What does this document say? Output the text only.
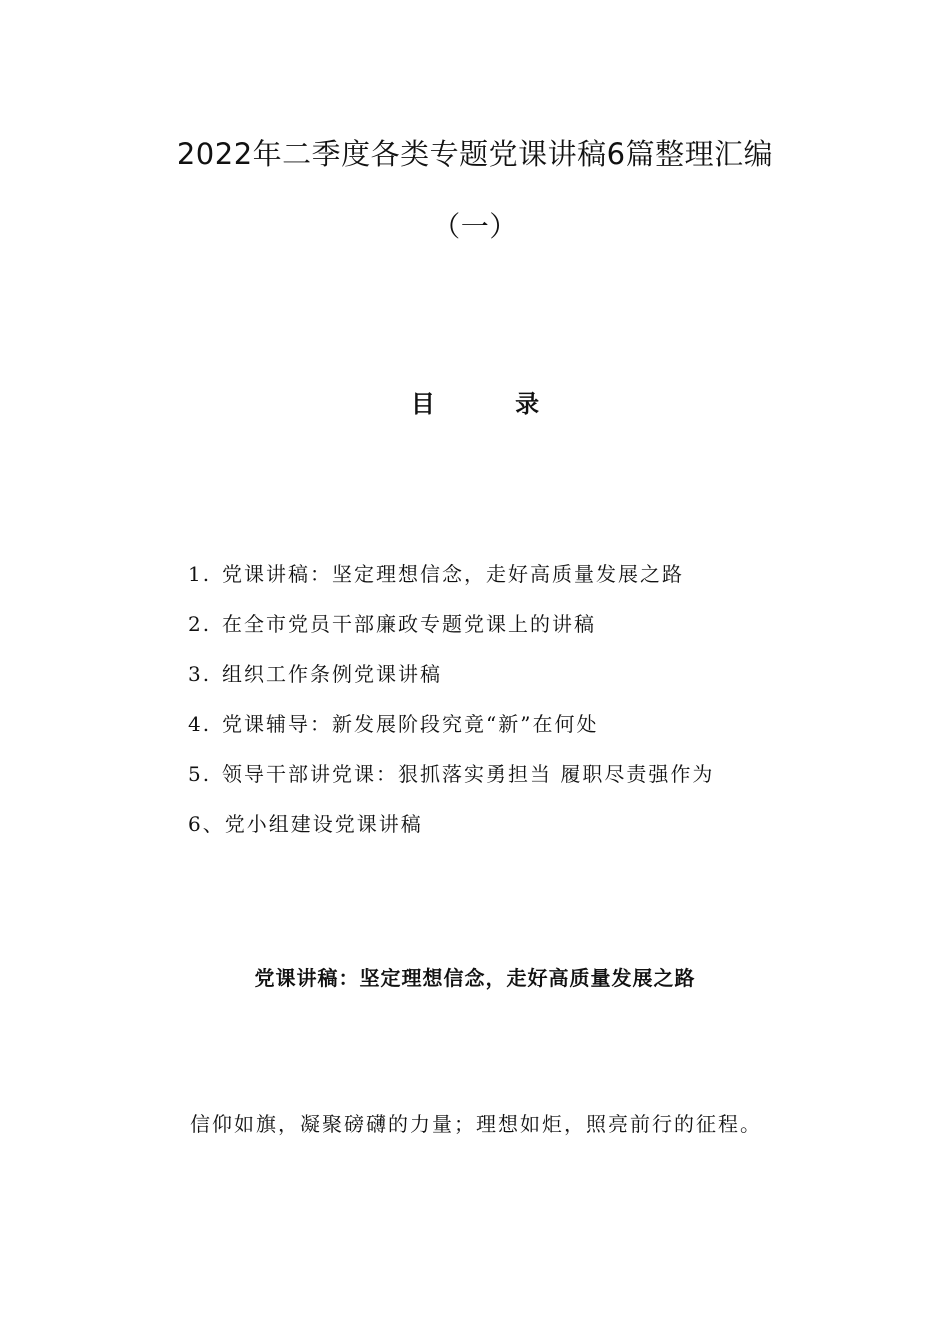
2022年二季度各类专题党课讲稿6篇整理汇编
（一）
目 录
1. 党课讲稿：坚定理想信念，走好高质量发展之路
2. 在全市党员干部廉政专题党课上的讲稿
3. 组织工作条例党课讲稿
4. 党课辅导：新发展阶段究竟“新”在何处
5. 领导干部讲党课：狠抓落实勇担当 履职尽责强作为
6、党小组建设党课讲稿
党课讲稿：坚定理想信念，走好高质量发展之路
信仰如旗，凝聚磅礴的力量；理想如炬，照亮前行的征程。
